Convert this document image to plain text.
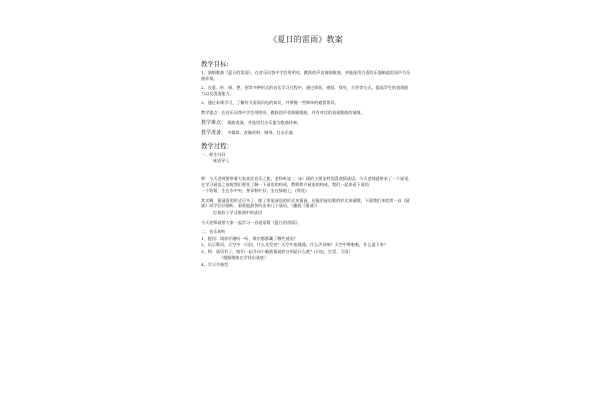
《夏日的雷雨》教案
教学目标:
1、演唱歌曲《夏日的雷雨》，在音乐问答中学会用明亮、跳跃的声音演唱歌曲，并能选用合适的乐器制造雷雨声为乐曲伴奏。
2、在看、听、唱、想、创等多种形式的音乐学习过程中，通过体验、感悟、探究、合作等方式，提高学生的表现能力以及创造能力。
3、通过本课学习，了解有关雷雨问电的知识，并掌握一些简单的避雷常识。
教学重点：在音乐问答中学会用明亮、跳跃的声音演唱歌曲，并有对比的表现歌曲的情绪。
教学难点： 歌曲表演，并选用打击乐器为歌曲伴奏。
教学准备： 多媒体、音像资料、钢琴、打击乐器
教学过程：
一、师生问好
谜语导入
师：今天老师要带着大家来次音乐之旅，老师听说二（4）班的小朋友特别喜欢猜谜语，今天老师就带来了一个谜语,在学习谜语之前呢我们要先了解一下谜语的构成，教师简介谜语的构成，我们一起来看下谜语：
一个姑娘，生在水中央，身穿粉红衫，坐在绿船上，(荷花)
其实啊，猜谜语的形式可多了，除了用说谜语的形式来猜谜，还能用谜语歌的形式来猜哦，下面我们来欣赏一首《猜谜》同学们仔细听，看谁能最快听出来几个谜语。（播放《猜谜》）
打着拍子学习歌曲中的谜语
今天老师就带大家一起学习一首谜语歌《夏日的雷雨》。
二、音乐初听
1、提问：请你仔细听一听，歌中都都藏了哪些谜语？
2、出示歌词，天空中一闪问，什么光发亮？天空中轰隆隆，什么声音响？天空中哗啦啦，什么落下来？
3、师：谜语有了，咱们一起开动小脑筋猜谜底分别是什么吧？(闪电、打雷、大雨）
（根据歌曲在学找出谜底）
4、学习节奏型：
